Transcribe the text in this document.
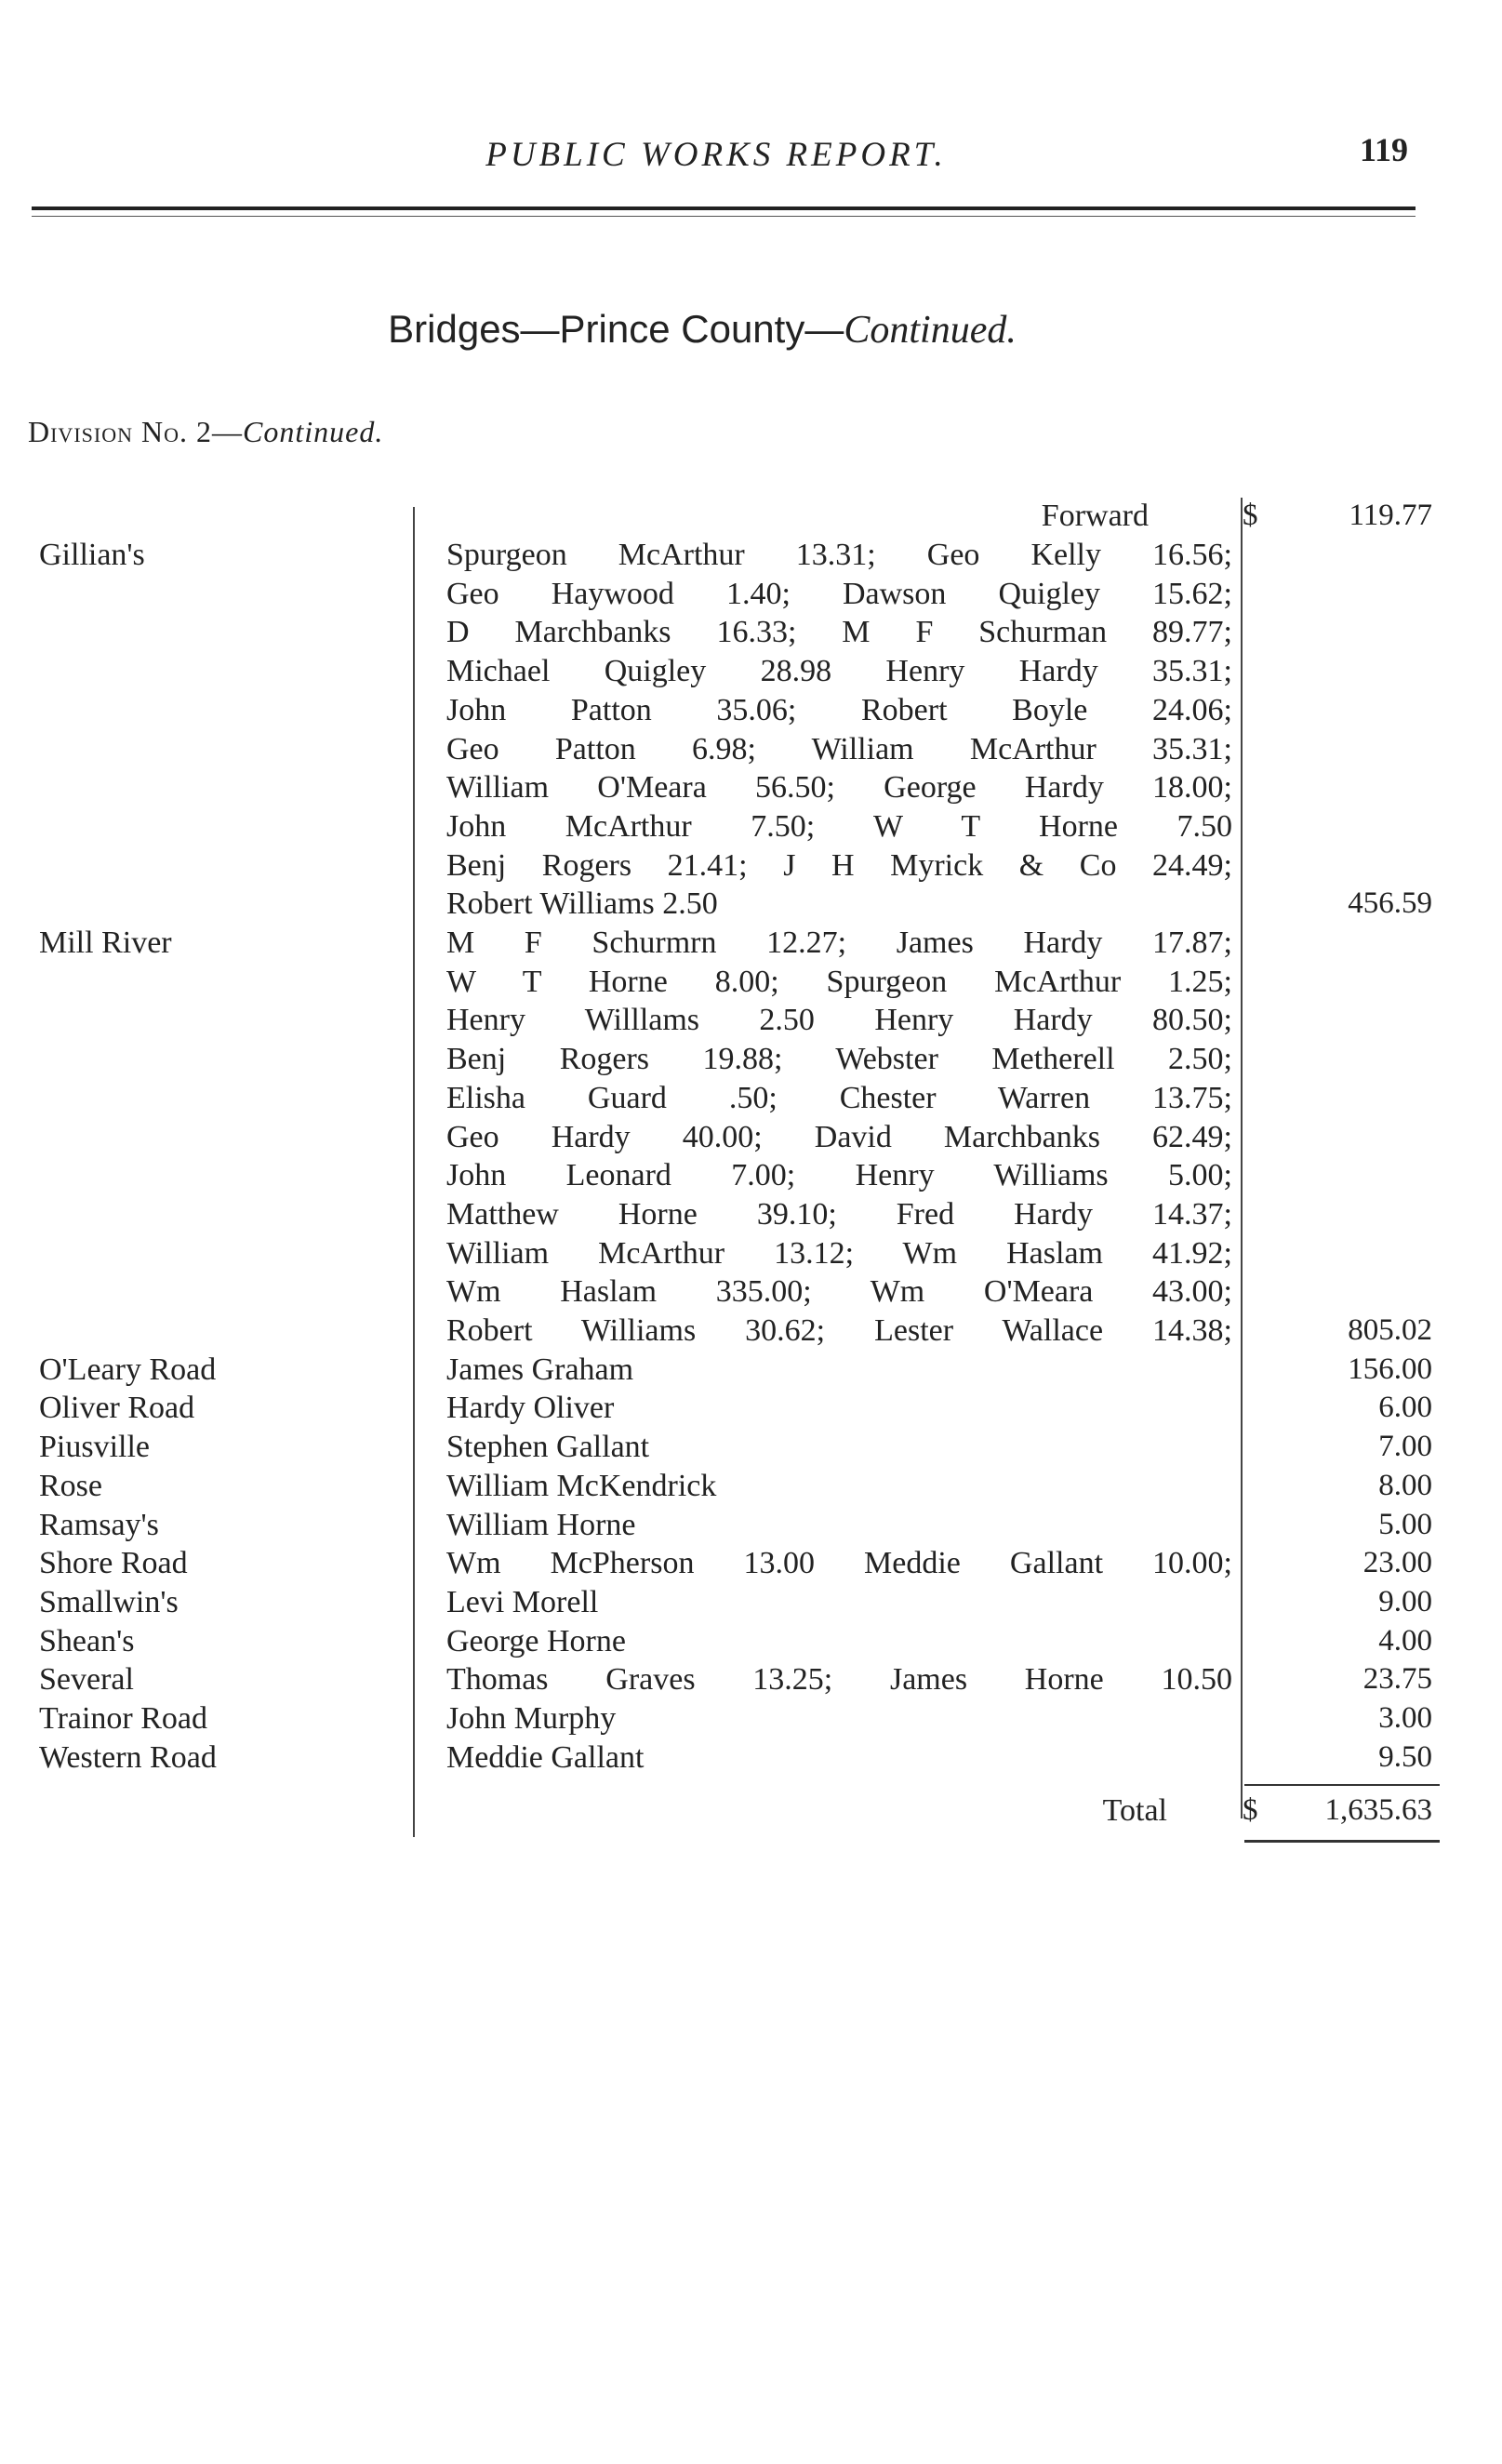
PUBLIC WORKS REPORT.	119
Bridges—Prince County—Continued.
Division No. 2—Continued.
Forward	$	119.77
Gillian's	Spurgeon McArthur 13.31; Geo Kelly 16.56;
Geo Haywood 1.40; Dawson Quigley 15.62;
D Marchbanks 16.33; M F Schurman 89.77;
Michael Quigley 28.98 Henry Hardy 35.31;
John Patton 35.06; Robert Boyle 24.06;
Geo Patton 6.98; William McArthur 35.31;
William O'Meara 56.50; George Hardy 18.00;
John McArthur 7.50; W T Horne 7.50
Benj Rogers 21.41; J H Myrick & Co 24.49;
Robert Williams 2.50	456.59
Mill River	M F Schurmrn 12.27; James Hardy 17.87;
W T Horne 8.00; Spurgeon McArthur 1.25;
Henry Willlams 2.50 Henry Hardy 80.50;
Benj Rogers 19.88; Webster Metherell 2.50;
Elisha Guard .50; Chester Warren 13.75;
Geo Hardy 40.00; David Marchbanks 62.49;
John Leonard 7.00; Henry Williams 5.00;
Matthew Horne 39.10; Fred Hardy 14.37;
William McArthur 13.12; Wm Haslam 41.92;
Wm Haslam 335.00; Wm O'Meara 43.00;
Robert Williams 30.62; Lester Wallace 14.38;	805.02
O'Leary Road	James Graham	156.00
Oliver Road	Hardy Oliver	6.00
Piusville	Stephen Gallant	7.00
Rose	William McKendrick	8.00
Ramsay's	William Horne	5.00
Shore Road	Wm McPherson 13.00 Meddie Gallant 10.00;	23.00
Smallwin's	Levi Morell	9.00
Shean's	George Horne	4.00
Several	Thomas Graves 13.25; James Horne 10.50	23.75
Trainor Road	John Murphy	3.00
Western Road	Meddie Gallant	9.50
Total $	1,635.63
